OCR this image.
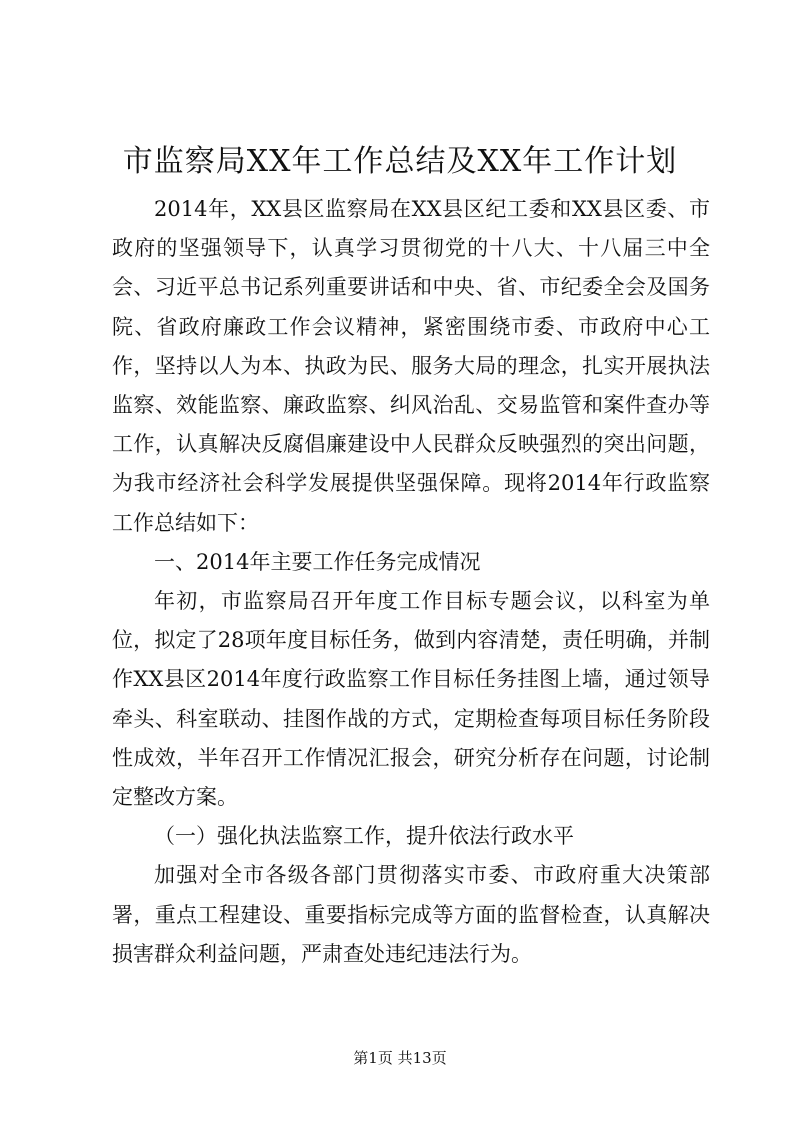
市监察局XX年工作总结及XX年工作计划

2014年，XX县区监察局在XX县区纪工委和XX县区委、市政府的坚强领导下，认真学习贯彻党的十八大、十八届三中全会、习近平总书记系列重要讲话和中央、省、市纪委全会及国务院、省政府廉政工作会议精神，紧密围绕市委、市政府中心工作，坚持以人为本、执政为民、服务大局的理念，扎实开展执法监察、效能监察、廉政监察、纠风治乱、交易监管和案件查办等工作，认真解决反腐倡廉建设中人民群众反映强烈的突出问题，为我市经济社会科学发展提供坚强保障。现将2014年行政监察工作总结如下：

一、2014年主要工作任务完成情况

年初，市监察局召开年度工作目标专题会议，以科室为单位，拟定了28项年度目标任务，做到内容清楚，责任明确，并制作XX县区2014年度行政监察工作目标任务挂图上墙，通过领导牵头、科室联动、挂图作战的方式，定期检查每项目标任务阶段性成效，半年召开工作情况汇报会，研究分析存在问题，讨论制定整改方案。

（一）强化执法监察工作，提升依法行政水平

加强对全市各级各部门贯彻落实市委、市政府重大决策部署，重点工程建设、重要指标完成等方面的监督检查，认真解决损害群众利益问题，严肃查处违纪违法行为。

第1页 共13页
